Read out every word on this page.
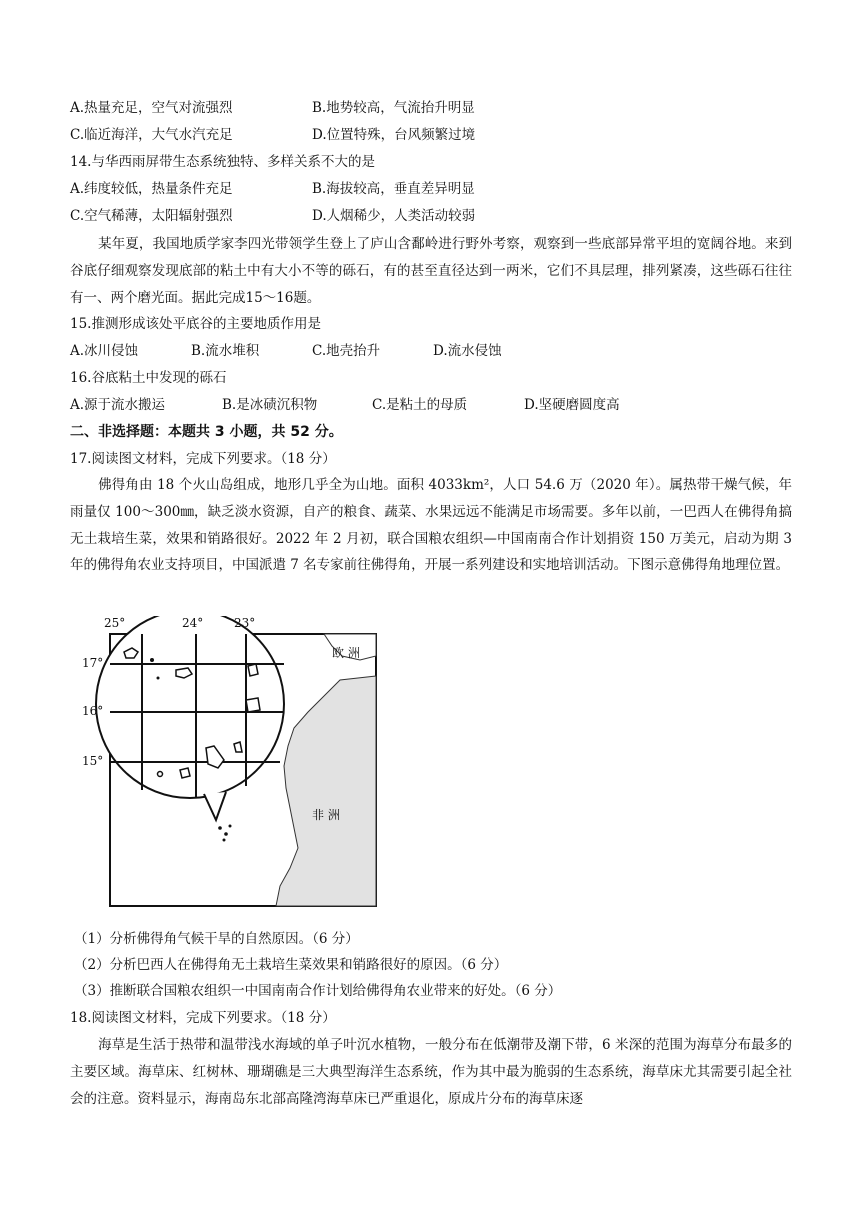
A.热量充足，空气对流强烈	B.地势较高，气流抬升明显
C.临近海洋，大气水汽充足	D.位置特殊，台风频繁过境
14.与华西雨屏带生态系统独特、多样关系不大的是
A.纬度较低，热量条件充足	B.海拔较高，垂直差异明显
C.空气稀薄，太阳辐射强烈	D.人烟稀少，人类活动较弱
某年夏，我国地质学家李四光带领学生登上了庐山含鄱岭进行野外考察，观察到一些底部异常平坦的宽阔谷地。来到谷底仔细观察发现底部的粘土中有大小不等的砾石，有的甚至直径达到一两米，它们不具层理，排列紧凑，这些砾石往往有一、两个磨光面。据此完成15～16题。
15.推测形成该处平底谷的主要地质作用是
A.冰川侵蚀	B.流水堆积	C.地壳抬升	D.流水侵蚀
16.谷底粘土中发现的砾石
A.源于流水搬运	B.是冰碛沉积物	C.是粘土的母质	D.坚硬磨圆度高
二、非选择题：本题共 3 小题，共 52 分。
17.阅读图文材料，完成下列要求。（18 分）
佛得角由 18 个火山岛组成，地形几乎全为山地。面积 4033km²，人口 54.6 万（2020 年）。属热带干燥气候，年雨量仅 100～300㎜，缺乏淡水资源，自产的粮食、蔬菜、水果远远不能满足市场需要。多年以前，一巴西人在佛得角搞无土栽培生菜，效果和销路很好。2022 年 2 月初，联合国粮农组织—中国南南合作计划捐资 150 万美元，启动为期 3 年的佛得角农业支持项目，中国派遣 7 名专家前往佛得角，开展一系列建设和实地培训活动。下图示意佛得角地理位置。
25°	24°	23°
17°
16°
15°
欧 洲
非 洲
（1）分析佛得角气候干旱的自然原因。（6 分）
（2）分析巴西人在佛得角无土栽培生菜效果和销路很好的原因。（6 分）
（3）推断联合国粮农组织一中国南南合作计划给佛得角农业带来的好处。（6 分）
18.阅读图文材料，完成下列要求。（18 分）
海草是生活于热带和温带浅水海域的单子叶沉水植物，一般分布在低潮带及潮下带，6 米深的范围为海草分布最多的主要区域。海草床、红树林、珊瑚礁是三大典型海洋生态系统，作为其中最为脆弱的生态系统，海草床尤其需要引起全社会的注意。资料显示，海南岛东北部高隆湾海草床已严重退化，原成片分布的海草床逐
